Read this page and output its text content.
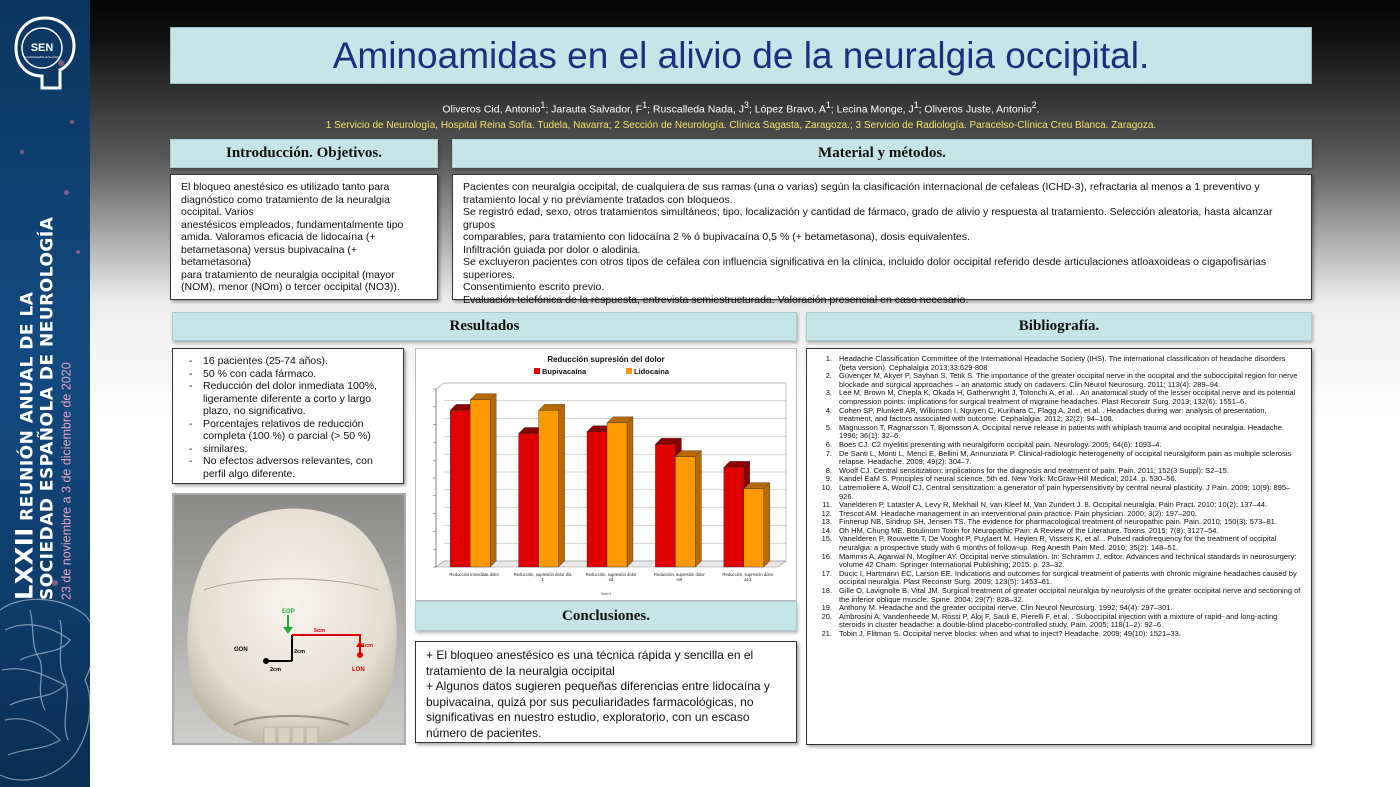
SEN
Sociedad Española de Neurología
LXXII REUNIÓN ANUAL DE LA SOCIEDAD ESPAÑOLA DE NEUROLOGÍA 23 de noviembre a 3 de diciembre de 2020
Aminoamidas en el alivio de la neuralgia occipital.
Oliveros Cid, Antonio$^1$; Jarauta Salvador, $F^1$; Ruscalleda Nada, $J^3$; López Bravo, $A^1$; Lecina Monge, $J^1$; Oliveros Juste, Antonio$^2$.
1 Servicio de Neurología, Hospital Reina Sofía. Tudela, Navarra; 2 Sección de Neurología. Clínica Sagasta, Zaragoza.; 3 Servicio de Radiología. Paracelso-Clínica Creu Blanca. Zaragoza.
Introducción. Objetivos.
El bloqueo anestésico es utilizado tanto para
diagnóstico como tratamiento de la neuralgia
occipital. Varios
anestésicos empleados, fundamentalmente tipo
amida. Valoramos eficacia de lidocaína (+
betametasona) versus bupivacaína (+ betametasona)
para tratamiento de neuralgia occipital (mayor
(NOM), menor (NOm) o tercer occipital (NO3)).
Material y métodos.
Pacientes con neuralgia occipital, de cualquiera de sus ramas (una o varias) según la clasificación internacional de cefaleas (ICHD-3), refractaria al menos a 1 preventivo y
tratamiento local y no previamente tratados con bloqueos.
Se registró edad, sexo, otros tratamientos simultáneos; tipo, localización y cantidad de fármaco, grado de alivio y respuesta al tratamiento. Selección aleatoria, hasta alcanzar grupos
comparables, para tratamiento con lidocaína 2 % ó bupivacaína 0,5 % (+ betametasona), dosis equivalentes.
Infiltración guiada por dolor o alodinia.
Se excluyeron pacientes con otros tipos de cefalea con influencia significativa en la clínica, incluido dolor occipital referido desde articulaciones atloaxoideas o cigapofisarias
superiores.
Consentimiento escrito previo.
Evaluación telefónica de la respuesta, entrevista semiestructurada. Valoración presencial en caso necesario.
Resultados
- 16 pacientes (25-74 años).
- 50 % con cada fármaco.
- Reducción del dolor inmediata 100%, ligeramente diferente a corto y largo plazo, no significativo.
- Porcentajes relativos de reducción completa (100 %) o parcial (> 50 %)
- similares.
- No efectos adversos relevantes, con perfil algo diferente.
Reducción supresión del dolor
Bupivacaína	Lidocaína
Reducción inmediata dolor	Reducción, supresión dolor día
1
Reducción, supresión dolor
sd
Reducción, supresión dolor
m6
Reducción, supresión dolor
a12
Serie1
EOP
GON
LON
5cm
1cm
2cm
2cm
Conclusiones.
+ El bloqueo anestésico es una técnica rápida y sencilla en el tratamiento de la neuralgia occipital
+ Algunos datos sugieren pequeñas diferencias entre lidocaína y bupivacaína, quizá por sus peculiaridades farmacológicas, no significativas en nuestro estudio, exploratorio, con un escaso número de pacientes.
Bibliografía.
1. Headache Classification Committee of the International Headache Society (IHS). The international classification of headache disorders (beta version). Cephalalgia 2013;33:629-808
2. Güvençer M, Akyer P, Sayhan S, Tetik S. The importance of the greater occipital nerve in the occipital and the suboccipital region for nerve blockade and surgical approaches – an anatomic study on cadavers. Clin Neurol Neurosurg. 2011; 113(4): 289–94.
3. Lee M, Brown M, Chepla K, Okada H, Gatherwright J, Totonchi A, et al. . An anatomical study of the lesser occipital nerve and its potential compression points: implications for surgical treatment of migraine headaches. Plast Reconstr Surg. 2013; 132(6): 1551–6.
4. Cohen SP, Plunkett AR, Wilkinson I, Nguyen C, Kurihara C, Flagg A, 2nd, et al. . Headaches during war: analysis of presentation, treatment, and factors associated with outcome. Cephalalgia. 2012; 32(2): 94–108.
5. Magnusson T, Ragnarsson T, Bjornsson A. Occipital nerve release in patients with whiplash trauma and occipital neuralgia. Headache. 1996; 36(1): 32–6.
6. Boes CJ. C2 myelitis presenting with neuralgiform occipital pain. Neurology. 2005; 64(6): 1093–4.
7. De Santi L, Monti L, Menci E, Bellini M, Annunziata P. Clinical-radiologic heterogeneity of occipital neuralgiform pain as multiple sclerosis relapse. Headache. 2009; 49(2): 304–7.
8. Woolf CJ. Central sensitization: implications for the diagnosis and treatment of pain. Pain. 2011; 152(3 Suppl): S2–15.
9. Kandel EaM S. Principles of neural science. 5th ed. New York: McGraw-Hill Medical; 2014. p. 530–56.
10. Latremoliere A, Woolf CJ. Central sensitization: a generator of pain hypersensitivity by central neural plasticity. J Pain. 2009; 10(9): 895–926.
11. Vanelderen P, Lataster A, Levy R, Mekhail N, van Kleef M, Van Zundert J. 8. Occipital neuralgia. Pain Pract. 2010; 10(2): 137–44.
12. Trescot AM. Headache management in an interventional pain practice. Pain physician. 2000; 3(2): 197–200.
13. Finnerup NB, Sindrup SH, Jensen TS. The evidence for pharmacological treatment of neuropathic pain. Pain. 2010; 150(3): 573–81.
14. Oh HM, Chung ME. Botulinum Toxin for Neuropathic Pain: A Review of the Literature. Toxins. 2015; 7(8): 3127–54.
15. Vanelderen P, Rouwette T, De Vooght P, Puylaert M, Heylen R, Vissers K, et al. . Pulsed radiofrequency for the treatment of occipital neuralgia: a prospective study with 6 months of follow-up. Reg Anesth Pain Med. 2010; 35(2): 148–51.
16. Mammis A, Agarwal N, Mogilner AY. Occipital nerve stimulation. In: Schramm J, editor. Advances and technical standards in neurosurgery: volume 42 Cham: Springer International Publishing; 2015. p. 23–32.
17. Ducic I, Hartmann EC, Larson EE. Indications and outcomes for surgical treatment of patients with chronic migraine headaches caused by occipital neuralgia. Plast Reconstr Surg. 2009; 123(5): 1453–61.
18. Gille O, Lavignolle B, Vital JM. Surgical treatment of greater occipital neuralgia by neurolysis of the greater occipital nerve and sectioning of the inferior oblique muscle. Spine. 2004; 29(7): 828–32.
19. Anthony M. Headache and the greater occipital nerve. Clin Neurol Neurosurg. 1992; 94(4): 297–301.
20. Ambrosini A, Vandenheede M, Rossi P, Aloj F, Sauli E, Pierelli F, et al. . Suboccipital injection with a mixture of rapid- and long-acting steroids in cluster headache: a double-blind placebo-controlled study. Pain. 2005; 118(1–2): 92–6.
21. Tobin J, Flitman S. Occipital nerve blocks: when and what to inject? Headache. 2009; 49(10): 1521–33.
